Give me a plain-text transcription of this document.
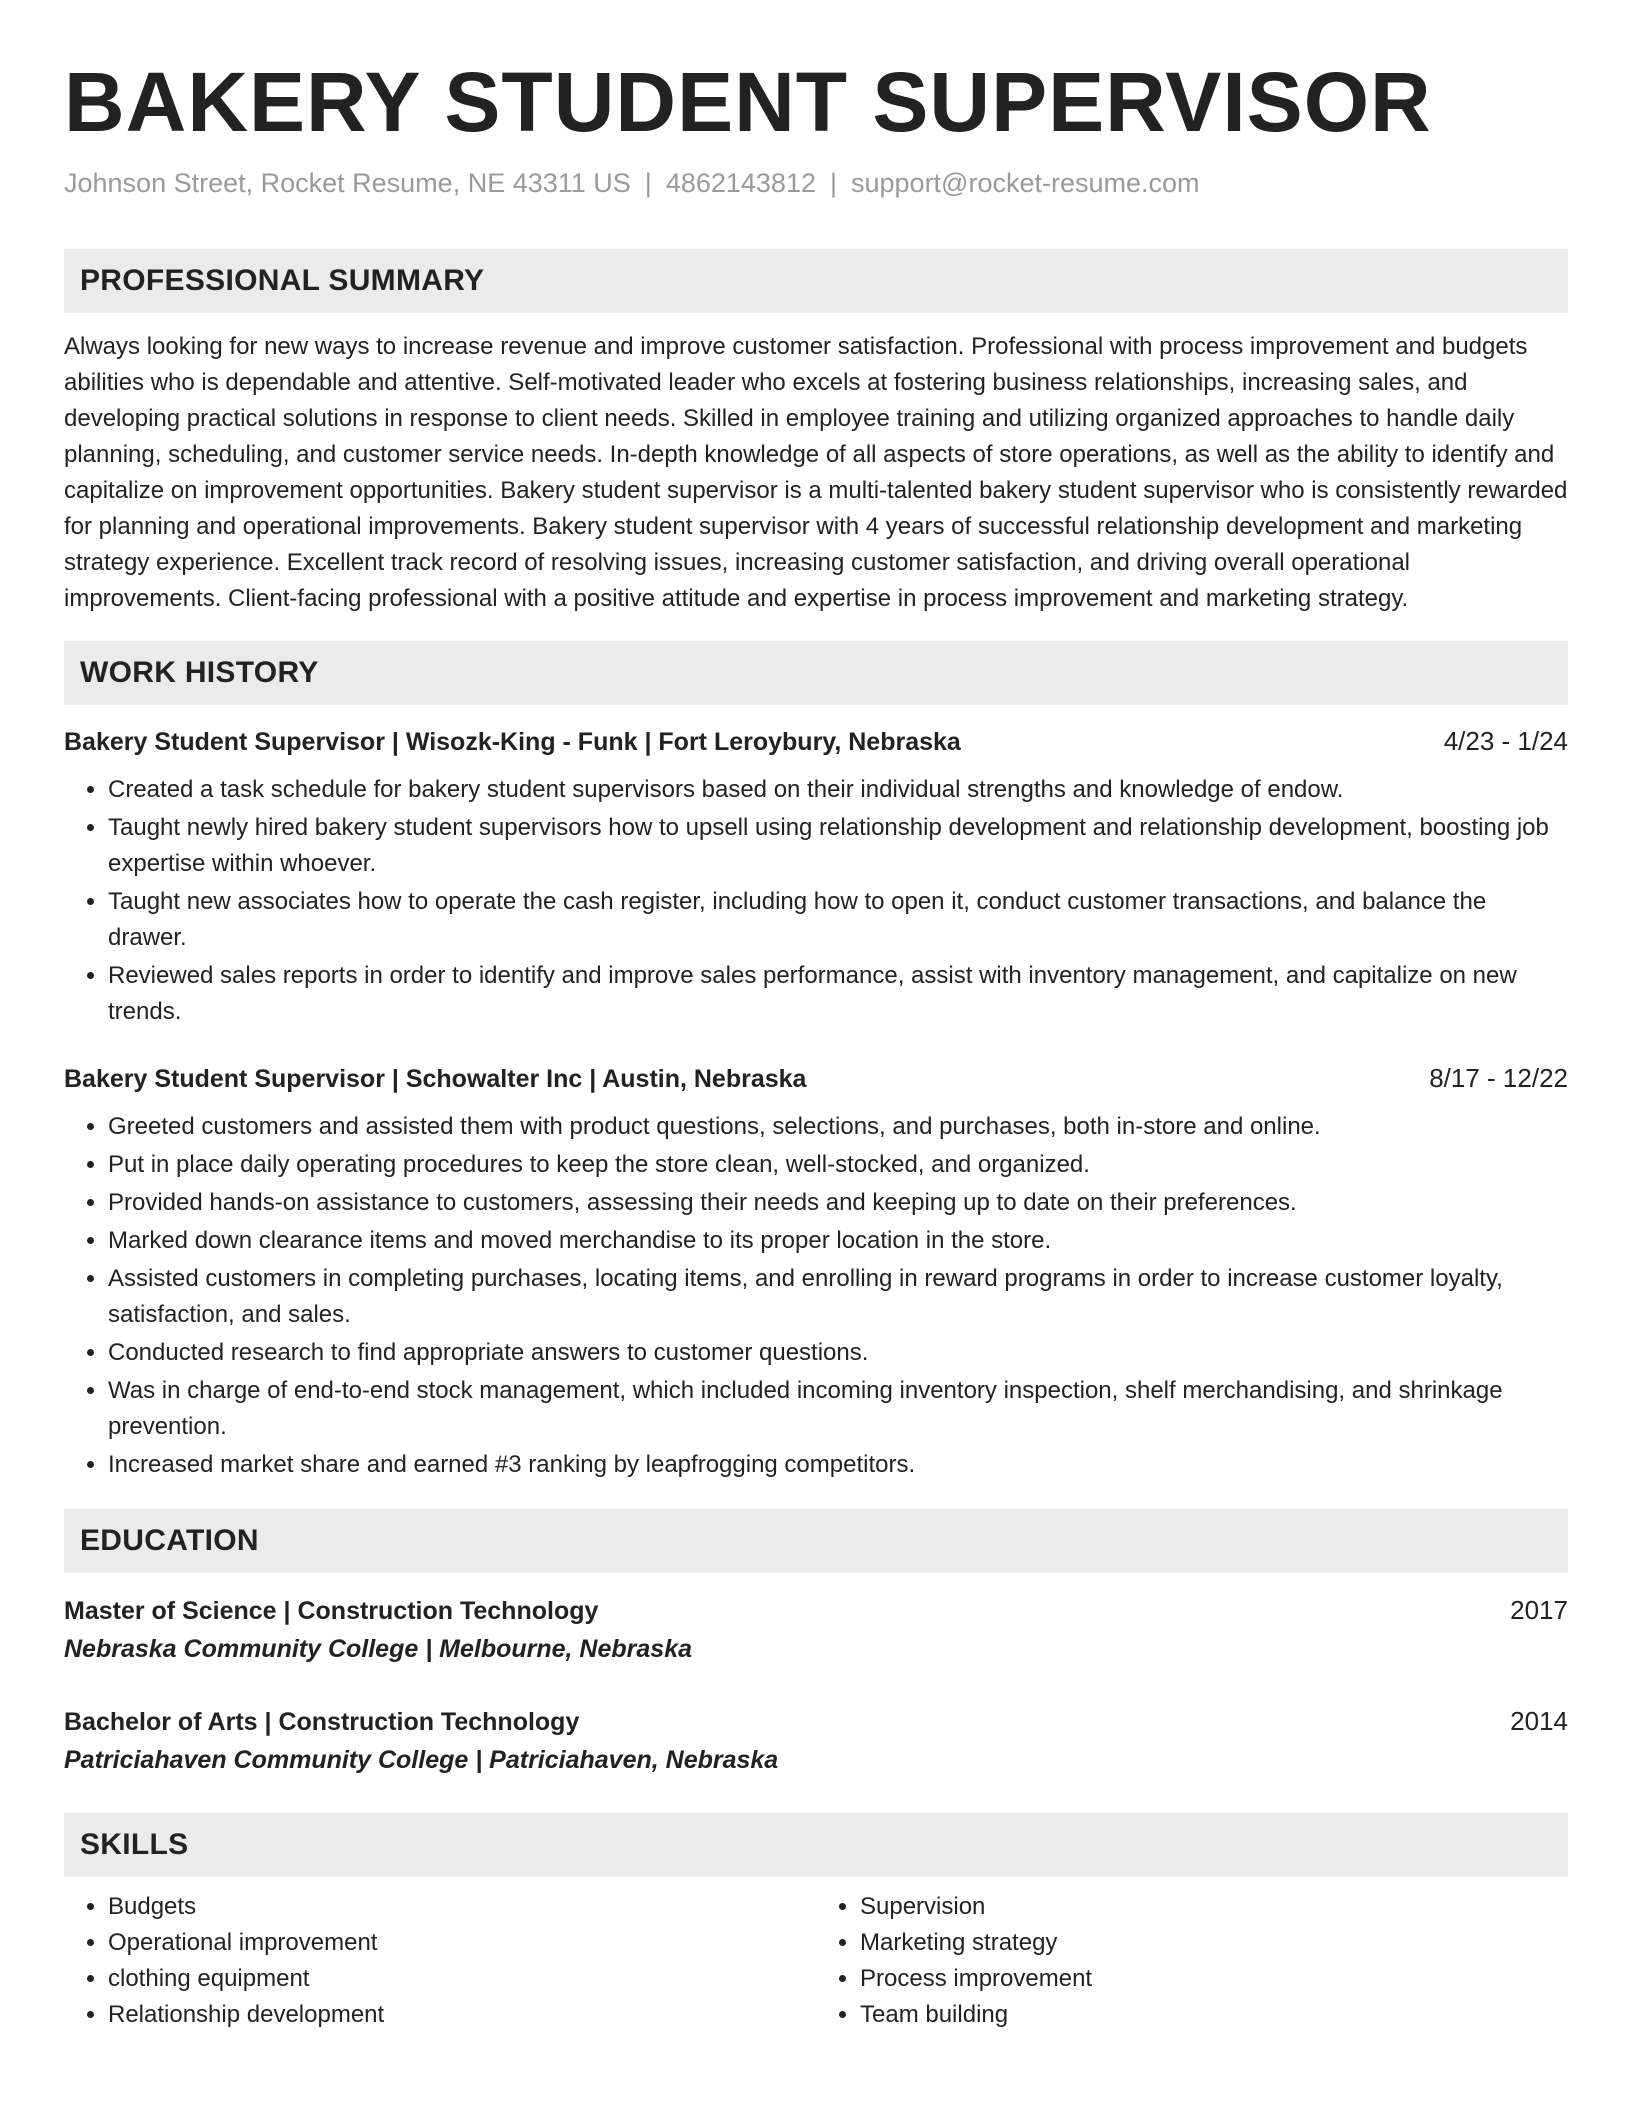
BAKERY STUDENT SUPERVISOR
Johnson Street, Rocket Resume, NE 43311 US | 4862143812 | support@rocket-resume.com
PROFESSIONAL SUMMARY

Always looking for new ways to increase revenue and improve customer satisfaction. Professional with process improvement and budgets abilities who is dependable and attentive. Self-motivated leader who excels at fostering business relationships, increasing sales, and developing practical solutions in response to client needs. Skilled in employee training and utilizing organized approaches to handle daily planning, scheduling, and customer service needs. In-depth knowledge of all aspects of store operations, as well as the ability to identify and capitalize on improvement opportunities. Bakery student supervisor is a multi-talented bakery student supervisor who is consistently rewarded for planning and operational improvements. Bakery student supervisor with 4 years of successful relationship development and marketing strategy experience. Excellent track record of resolving issues, increasing customer satisfaction, and driving overall operational improvements. Client-facing professional with a positive attitude and expertise in process improvement and marketing strategy.

WORK HISTORY
Bakery Student Supervisor | Wisozk-King - Funk | Fort Leroybury, Nebraska	4/23 - 1/24
• Created a task schedule for bakery student supervisors based on their individual strengths and knowledge of endow.
• Taught newly hired bakery student supervisors how to upsell using relationship development and relationship development, boosting job expertise within whoever.
• Taught new associates how to operate the cash register, including how to open it, conduct customer transactions, and balance the drawer.
• Reviewed sales reports in order to identify and improve sales performance, assist with inventory management, and capitalize on new trends.
Bakery Student Supervisor | Schowalter Inc | Austin, Nebraska	8/17 - 12/22
• Greeted customers and assisted them with product questions, selections, and purchases, both in-store and online.
• Put in place daily operating procedures to keep the store clean, well-stocked, and organized.
• Provided hands-on assistance to customers, assessing their needs and keeping up to date on their preferences.
• Marked down clearance items and moved merchandise to its proper location in the store.
• Assisted customers in completing purchases, locating items, and enrolling in reward programs in order to increase customer loyalty, satisfaction, and sales.
• Conducted research to find appropriate answers to customer questions.
• Was in charge of end-to-end stock management, which included incoming inventory inspection, shelf merchandising, and shrinkage prevention.
• Increased market share and earned #3 ranking by leapfrogging competitors.
EDUCATION
Master of Science | Construction Technology	2017
Nebraska Community College | Melbourne, Nebraska
Bachelor of Arts | Construction Technology	2014
Patriciahaven Community College | Patriciahaven, Nebraska
SKILLS
• Budgets
• Operational improvement
• clothing equipment
• Relationship development
• Supervision
• Marketing strategy
• Process improvement
• Team building
